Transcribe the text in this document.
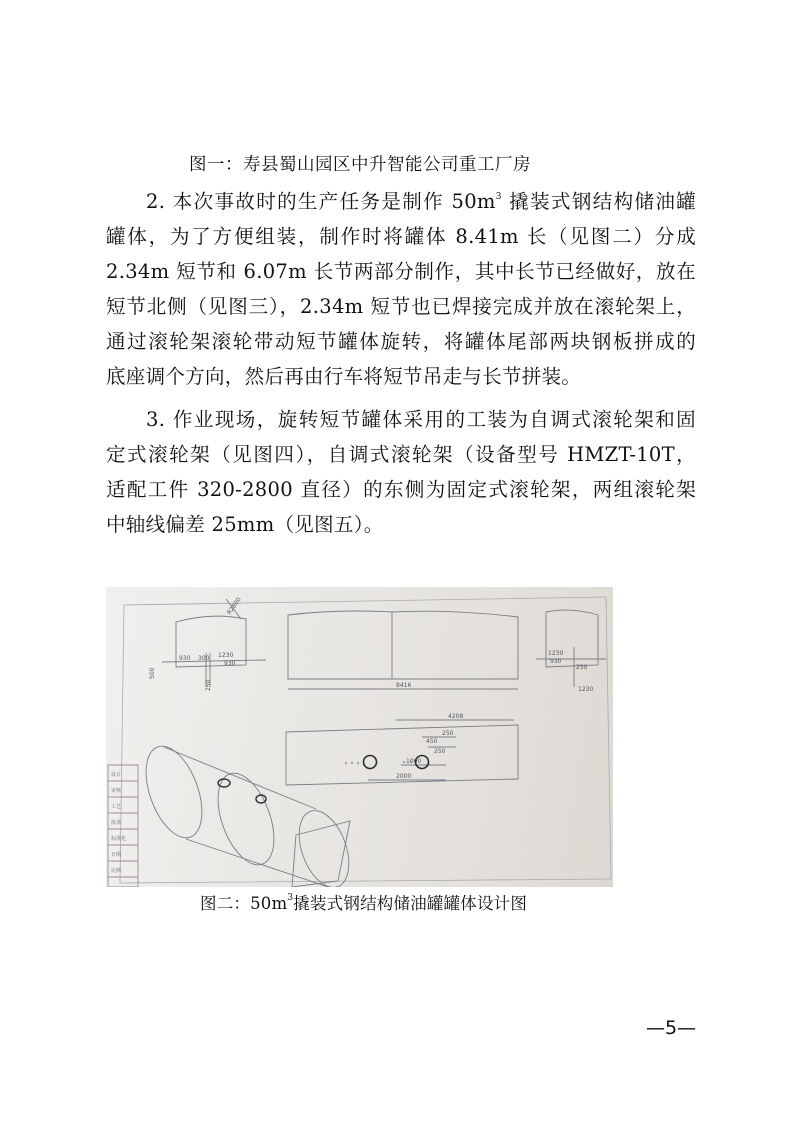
图一：寿县蜀山园区中升智能公司重工厂房
2. 本次事故时的生产任务是制作 $50m^3$ 撬装式钢结构储油罐
罐体，为了方便组装，制作时将罐体 8.41m 长（见图二）分成
2.34m 短节和 6.07m 长节两部分制作，其中长节已经做好，放在
短节北侧（见图三），2.34m 短节也已焊接完成并放在滚轮架上，
通过滚轮架滚轮带动短节罐体旋转，将罐体尾部两块钢板拼成的
底座调个方向，然后再由行车将短节吊走与长节拼装。
3. 作业现场，旋转短节罐体采用的工装为自调式滚轮架和固
定式滚轮架（见图四），自调式滚轮架（设备型号 HMZT-10T，
适配工件 320-2800 直径）的东侧为固定式滚轮架，两组滚轮架
中轴线偏差 25mm（见图五）。
8416
4208
2000
1000
450
250
250
930 300 1230
930
1230
930
250
1230
500
250
R2800
设计
审核
工艺
批准
标准化
日期
比例
图二：$50m^3$撬装式钢结构储油罐罐体设计图
—5—
